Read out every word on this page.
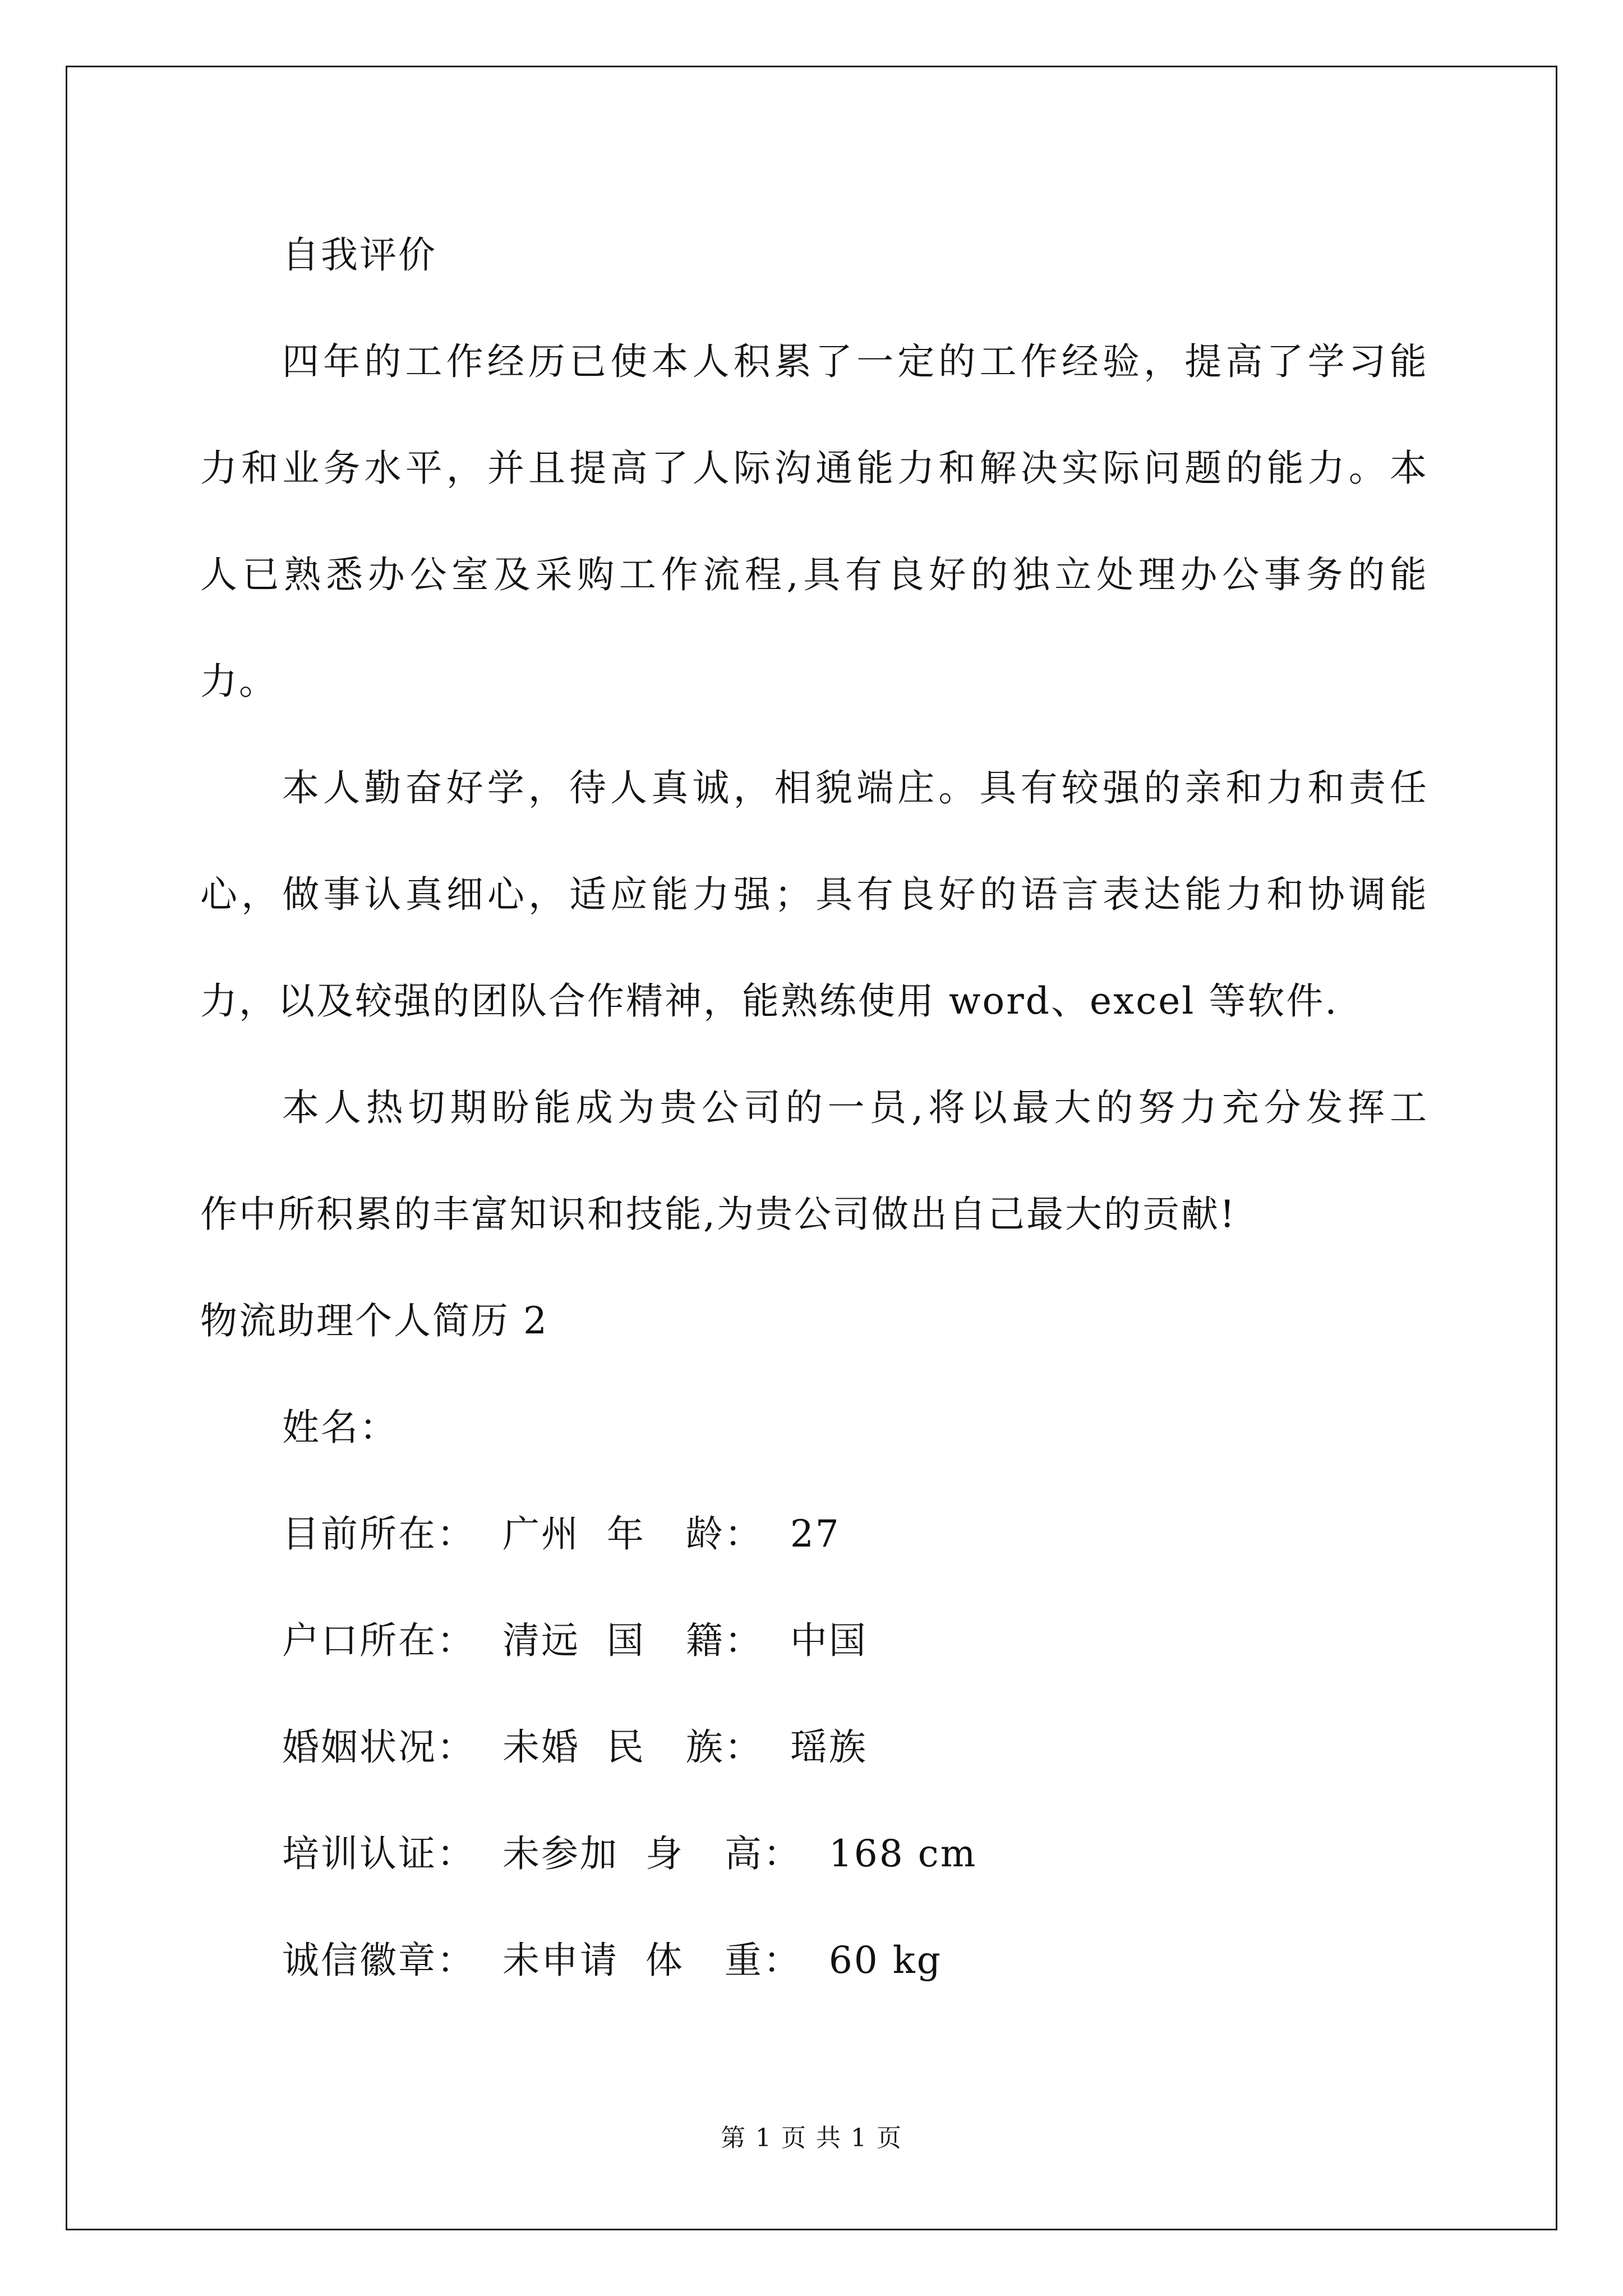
自我评价
四年的工作经历已使本人积累了一定的工作经验，提高了学习能
力和业务水平，并且提高了人际沟通能力和解决实际问题的能力。本
人已熟悉办公室及采购工作流程,具有良好的独立处理办公事务的能
力。
本人勤奋好学，待人真诚，相貌端庄。具有较强的亲和力和责任
心，做事认真细心，适应能力强；具有良好的语言表达能力和协调能
力，以及较强的团队合作精神，能熟练使用 word、excel 等软件.
本人热切期盼能成为贵公司的一员,将以最大的努力充分发挥工
作中所积累的丰富知识和技能,为贵公司做出自己最大的贡献!
物流助理个人简历 2
姓名：
目前所在：  广州  年   龄：  27
户口所在：  清远  国   籍：  中国
婚姻状况：  未婚  民   族：  瑶族
培训认证：  未参加  身   高：  168 cm
诚信徽章：  未申请  体   重：  60 kg
第 1 页 共 1 页
